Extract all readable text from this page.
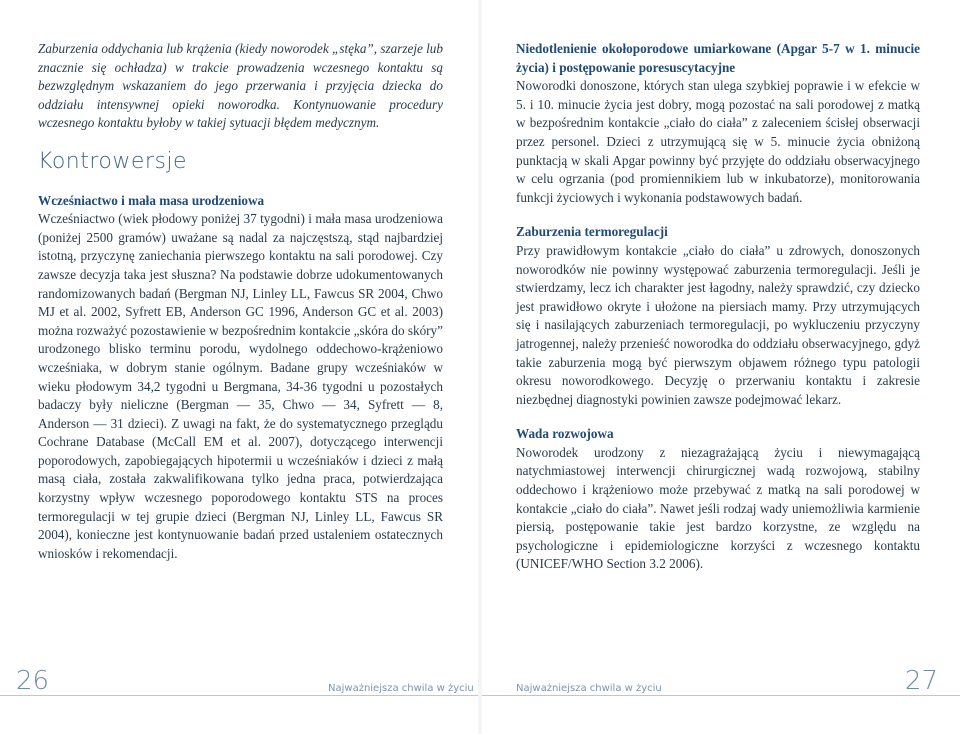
Zaburzenia oddychania lub krążenia (kiedy noworodek „stęka”, szarzeje lub znacznie się ochładza) w trakcie prowadzenia wczesnego kontaktu są bezwzględnym wskazaniem do jego przerwania i przyjęcia dziecka do oddziału intensywnej opieki noworodka. Kontynuowanie procedury wczesnego kontaktu byłoby w takiej sytuacji błędem medycznym.

Kontrowersje

Wcześniactwo i mała masa urodzeniowa

Wcześniactwo (wiek płodowy poniżej 37 tygodni) i mała masa urodzeniowa (poniżej 2500 gramów) uważane są nadal za najczęstszą, stąd najbardziej istotną, przyczynę zaniechania pierwszego kontaktu na sali porodowej. Czy zawsze decyzja taka jest słuszna? Na podstawie dobrze udokumentowanych randomizowanych badań (Bergman NJ, Linley LL, Fawcus SR 2004, Chwo MJ et al. 2002, Syfrett EB, Anderson GC 1996, Anderson GC et al. 2003) można rozważyć pozostawienie w bezpośrednim kontakcie „skóra do skóry” urodzonego blisko terminu porodu, wydolnego oddechowo-krążeniowo wcześniaka, w dobrym stanie ogólnym. Badane grupy wcześniaków w wieku płodowym 34,2 tygodni u Bergmana, 34-36 tygodni u pozostałych badaczy były nieliczne (Bergman — 35, Chwo — 34, Syfrett — 8, Anderson — 31 dzieci). Z uwagi na fakt, że do systematycznego przeglądu Cochrane Database (McCall EM et al. 2007), dotyczącego interwencji poporodowych, zapobiegających hipotermii u wcześniaków i dzieci z małą masą ciała, została zakwalifikowana tylko jedna praca, potwierdzająca korzystny wpływ wczesnego poporodowego kontaktu STS na proces termoregulacji w tej grupie dzieci (Bergman NJ, Linley LL, Fawcus SR 2004), konieczne jest kontynuowanie badań przed ustaleniem ostatecznych wniosków i rekomendacji.

Niedotlenienie okołoporodowe umiarkowane (Apgar 5-7 w 1. minucie życia) i postępowanie poresuscytacyjne

Noworodki donoszone, których stan ulega szybkiej poprawie i w efekcie w 5. i 10. minucie życia jest dobry, mogą pozostać na sali porodowej z matką w bezpośrednim kontakcie „ciało do ciała” z zaleceniem ścisłej obserwacji przez personel. Dzieci z utrzymującą się w 5. minucie życia obniżoną punktacją w skali Apgar powinny być przyjęte do oddziału obserwacyjnego w celu ogrzania (pod promiennikiem lub w inkubatorze), monitorowania funkcji życiowych i wykonania podstawowych badań.

Zaburzenia termoregulacji

Przy prawidłowym kontakcie „ciało do ciała” u zdrowych, donoszonych noworodków nie powinny występować zaburzenia termoregulacji. Jeśli je stwierdzamy, lecz ich charakter jest łagodny, należy sprawdzić, czy dziecko jest prawidłowo okryte i ułożone na piersiach mamy. Przy utrzymujących się i nasilających zaburzeniach termoregulacji, po wykluczeniu przyczyny jatrogennej, należy przenieść noworodka do oddziału obserwacyjnego, gdyż takie zaburzenia mogą być pierwszym objawem różnego typu patologii okresu noworodkowego. Decyzję o przerwaniu kontaktu i zakresie niezbędnej diagnostyki powinien zawsze podejmować lekarz.

Wada rozwojowa

Noworodek urodzony z niezagrażającą życiu i niewymagającą natychmiastowej interwencji chirurgicznej wadą rozwojową, stabilny oddechowo i krążeniowo może przebywać z matką na sali porodowej w kontakcie „ciało do ciała”. Nawet jeśli rodzaj wady uniemożliwia karmienie piersią, postępowanie takie jest bardzo korzystne, ze względu na psychologiczne i epidemiologiczne korzyści z wczesnego kontaktu (UNICEF/WHO Section 3.2 2006).

26	Najważniejsza chwila w życiu	Najważniejsza chwila w życiu	27
